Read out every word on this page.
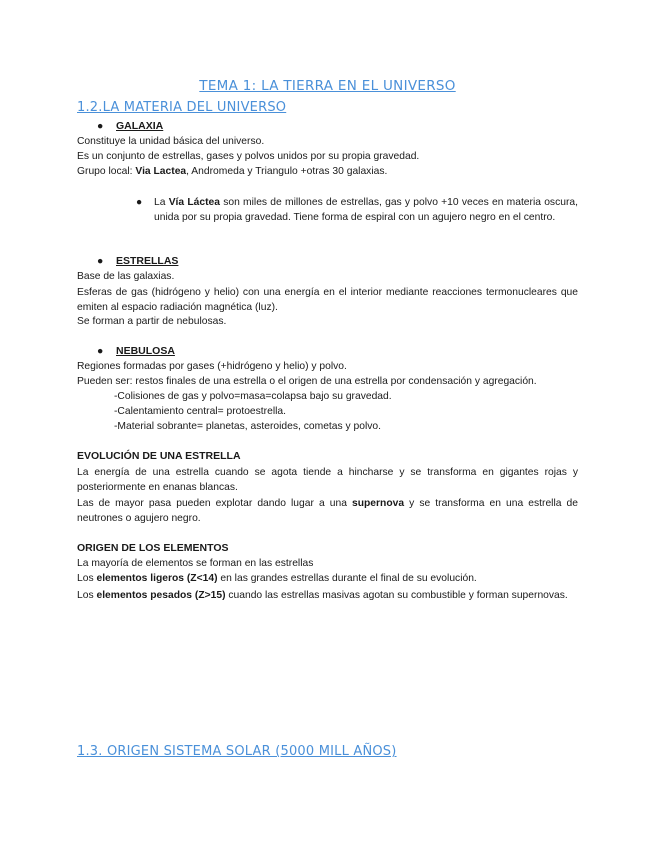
TEMA 1: LA TIERRA EN EL UNIVERSO
1.2.LA MATERIA DEL UNIVERSO
● GALAXIA
Constituye la unidad básica del universo.
Es un conjunto de estrellas, gases y polvos unidos por su propia gravedad.
Grupo local: Via Lactea, Andromeda y Triangulo +otras 30 galaxias.
● La Vía Láctea son miles de millones de estrellas, gas y polvo +10 veces en materia oscura, unida por su propia gravedad. Tiene forma de espiral con un agujero negro en el centro.
● ESTRELLAS
Base de las galaxias.
Esferas de gas (hidrógeno y helio) con una energía en el interior mediante reacciones termonucleares que emiten al espacio radiación magnética (luz).
Se forman a partir de nebulosas.
● NEBULOSA
Regiones formadas por gases (+hidrógeno y helio) y polvo.
Pueden ser: restos finales de una estrella o el origen de una estrella por condensación y agregación.
-Colisiones de gas y polvo=masa=colapsa bajo su gravedad.
-Calentamiento central= protoestrella.
-Material sobrante= planetas, asteroides, cometas y polvo.
EVOLUCIÓN DE UNA ESTRELLA
La energía de una estrella cuando se agota tiende a hincharse y se transforma en gigantes rojas y posteriormente en enanas blancas.
Las de mayor pasa pueden explotar dando lugar a una supernova y se transforma en una estrella de neutrones o agujero negro.
ORIGEN DE LOS ELEMENTOS
La mayoría de elementos se forman en las estrellas
Los elementos ligeros (Z<14) en las grandes estrellas durante el final de su evolución.
Los elementos pesados (Z>15) cuando las estrellas masivas agotan su combustible y forman supernovas.
1.3. ORIGEN SISTEMA SOLAR (5000 MILL AÑOS)
